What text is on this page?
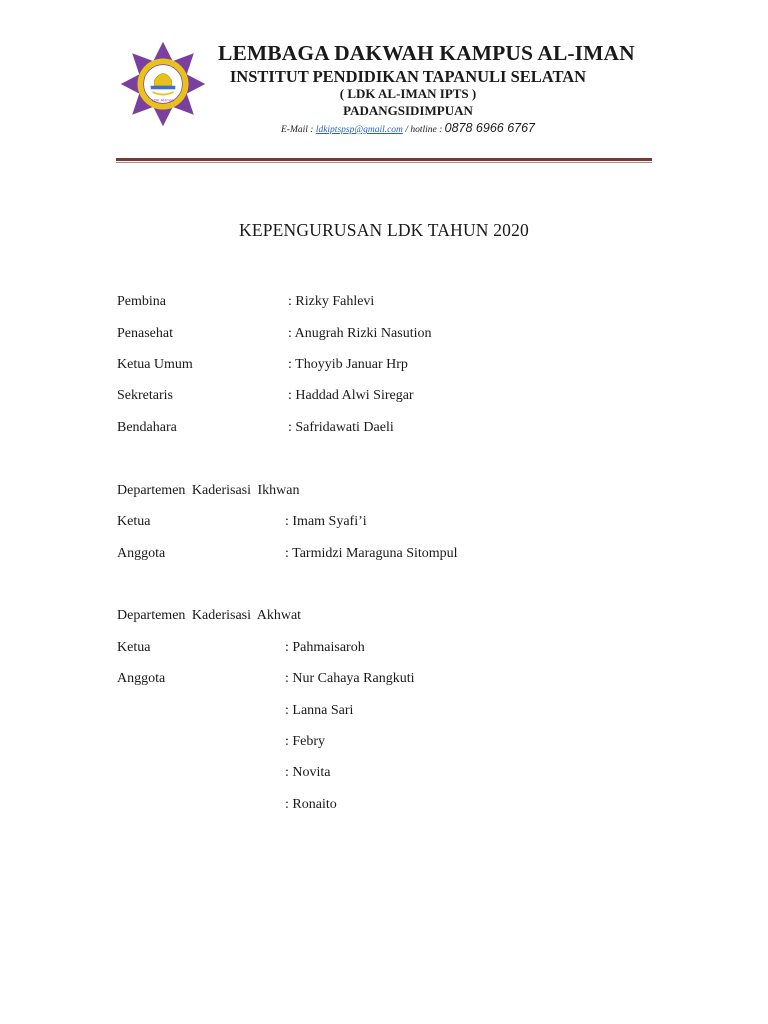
LDK Al-Iman
LEMBAGA DAKWAH KAMPUS AL-IMAN
INSTITUT PENDIDIKAN TAPANULI SELATAN
( LDK AL-IMAN IPTS )
PADANGSIDIMPUAN
E-Mail : ldkiptspsp@gmail.com / hotline : 0878 6966 6767
KEPENGURUSAN LDK TAHUN 2020
Pembina	: Rizky Fahlevi
Penasehat	: Anugrah Rizki Nasution
Ketua Umum	: Thoyyib Januar Hrp
Sekretaris	: Haddad Alwi Siregar
Bendahara	: Safridawati Daeli
Departemen Kaderisasi Ikhwan
Ketua	: Imam Syafi’i
Anggota	: Tarmidzi Maraguna Sitompul
Departemen Kaderisasi Akhwat
Ketua	: Pahmaisaroh
Anggota	: Nur Cahaya Rangkuti
: Lanna Sari
: Febry
: Novita
: Ronaito
